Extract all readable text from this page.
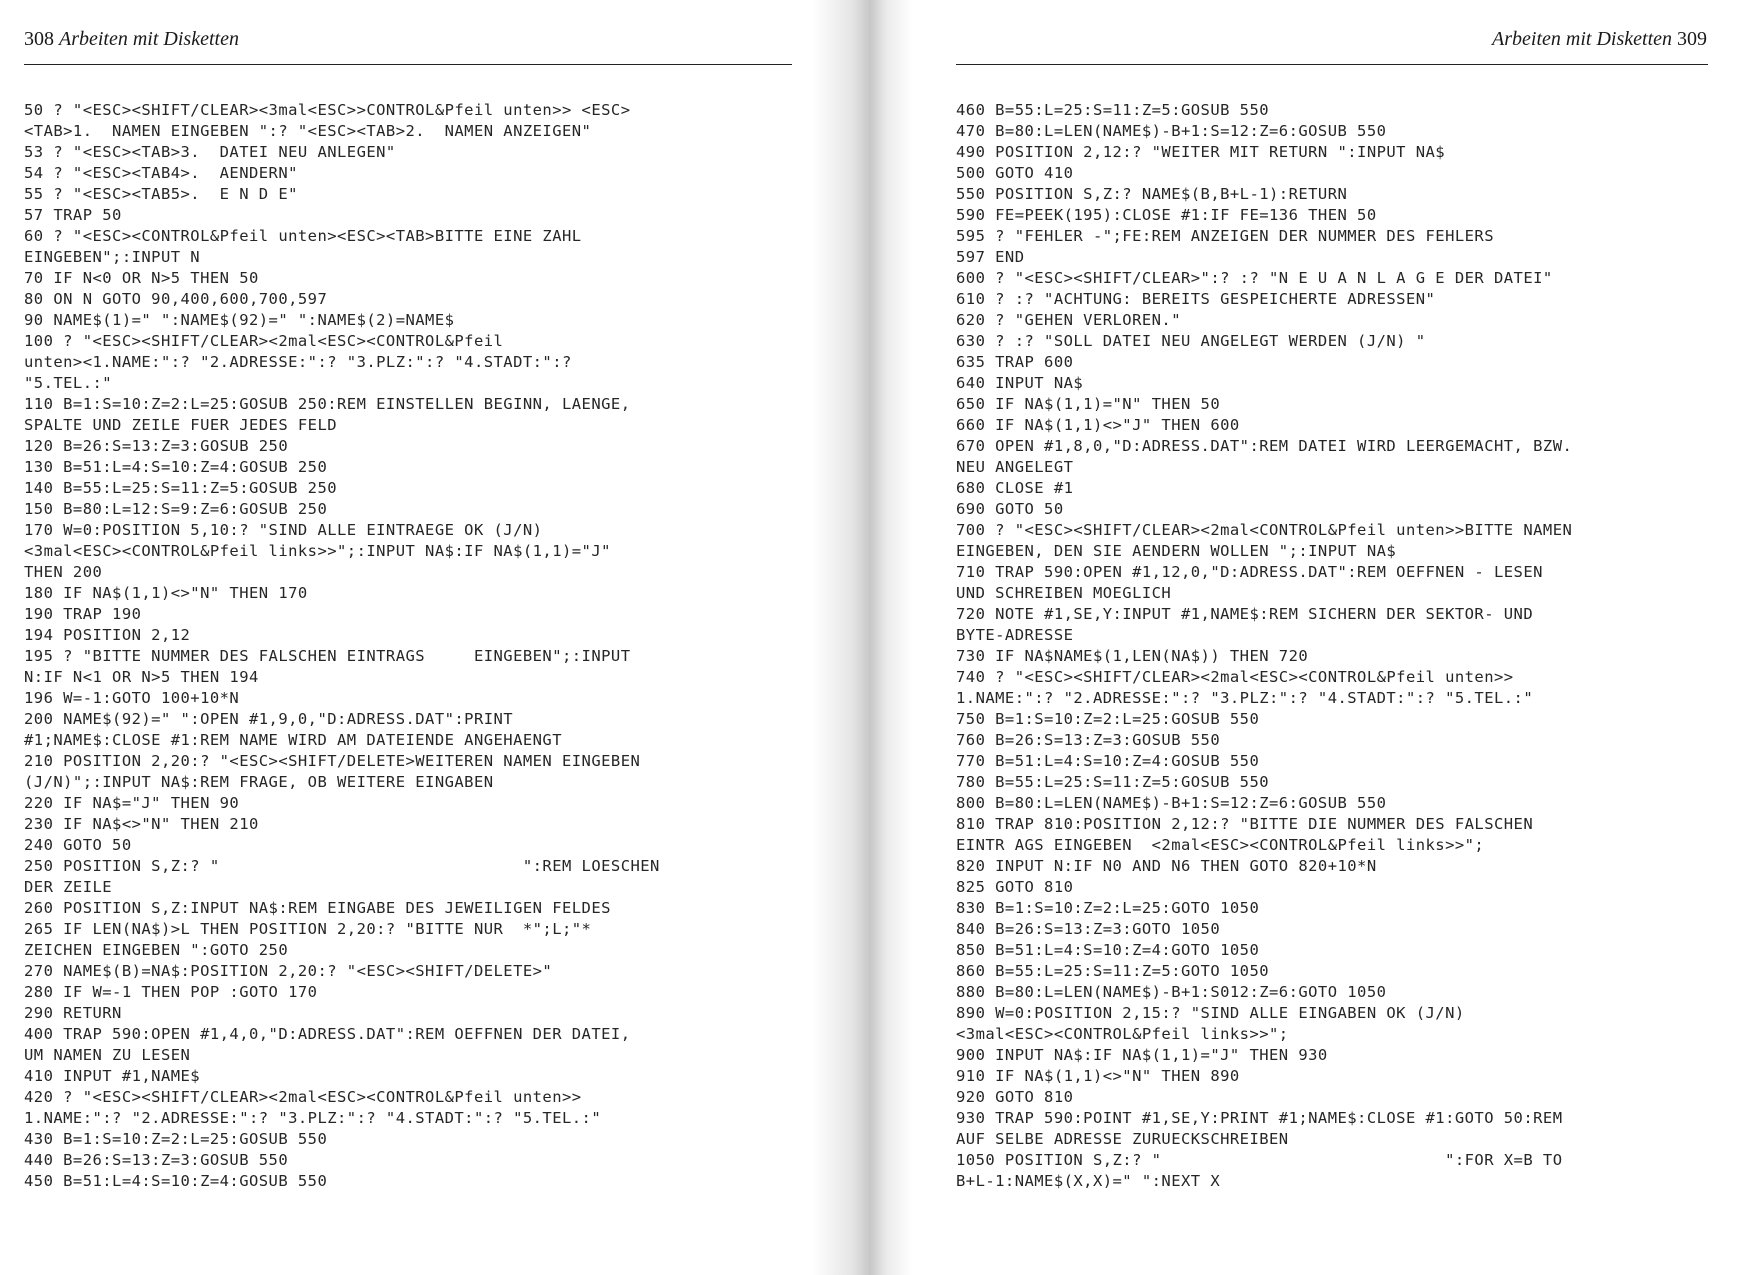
308 Arbeiten mit Disketten
50 ? "<ESC><SHIFT/CLEAR><3mal<ESC>>CONTROL&Pfeil unten>> <ESC>
<TAB>1.  NAMEN EINGEBEN ":? "<ESC><TAB>2.  NAMEN ANZEIGEN"
53 ? "<ESC><TAB>3.  DATEI NEU ANLEGEN"
54 ? "<ESC><TAB4>.  AENDERN"
55 ? "<ESC><TAB5>.  E N D E"
57 TRAP 50
60 ? "<ESC><CONTROL&Pfeil unten><ESC><TAB>BITTE EINE ZAHL
EINGEBEN";:INPUT N
70 IF N<0 OR N>5 THEN 50
80 ON N GOTO 90,400,600,700,597
90 NAME$(1)=" ":NAME$(92)=" ":NAME$(2)=NAME$
100 ? "<ESC><SHIFT/CLEAR><2mal<ESC><CONTROL&Pfeil
unten><1.NAME:":? "2.ADRESSE:":? "3.PLZ:":? "4.STADT:":?
"5.TEL.:"
110 B=1:S=10:Z=2:L=25:GOSUB 250:REM EINSTELLEN BEGINN, LAENGE,
SPALTE UND ZEILE FUER JEDES FELD
120 B=26:S=13:Z=3:GOSUB 250
130 B=51:L=4:S=10:Z=4:GOSUB 250
140 B=55:L=25:S=11:Z=5:GOSUB 250
150 B=80:L=12:S=9:Z=6:GOSUB 250
170 W=0:POSITION 5,10:? "SIND ALLE EINTRAEGE OK (J/N)
<3mal<ESC><CONTROL&Pfeil links>>";:INPUT NA$:IF NA$(1,1)="J"
THEN 200
180 IF NA$(1,1)<>"N" THEN 170
190 TRAP 190
194 POSITION 2,12
195 ? "BITTE NUMMER DES FALSCHEN EINTRAGS     EINGEBEN";:INPUT
N:IF N<1 OR N>5 THEN 194
196 W=-1:GOTO 100+10*N
200 NAME$(92)=" ":OPEN #1,9,0,"D:ADRESS.DAT":PRINT
#1;NAME$:CLOSE #1:REM NAME WIRD AM DATEIENDE ANGEHAENGT
210 POSITION 2,20:? "<ESC><SHIFT/DELETE>WEITEREN NAMEN EINGEBEN
(J/N)";:INPUT NA$:REM FRAGE, OB WEITERE EINGABEN
220 IF NA$="J" THEN 90
230 IF NA$<>"N" THEN 210
240 GOTO 50
250 POSITION S,Z:? "                               ":REM LOESCHEN
DER ZEILE
260 POSITION S,Z:INPUT NA$:REM EINGABE DES JEWEILIGEN FELDES
265 IF LEN(NA$)>L THEN POSITION 2,20:? "BITTE NUR  *";L;"*
ZEICHEN EINGEBEN ":GOTO 250
270 NAME$(B)=NA$:POSITION 2,20:? "<ESC><SHIFT/DELETE>"
280 IF W=-1 THEN POP :GOTO 170
290 RETURN
400 TRAP 590:OPEN #1,4,0,"D:ADRESS.DAT":REM OEFFNEN DER DATEI,
UM NAMEN ZU LESEN
410 INPUT #1,NAME$
420 ? "<ESC><SHIFT/CLEAR><2mal<ESC><CONTROL&Pfeil unten>>
1.NAME:":? "2.ADRESSE:":? "3.PLZ:":? "4.STADT:":? "5.TEL.:"
430 B=1:S=10:Z=2:L=25:GOSUB 550
440 B=26:S=13:Z=3:GOSUB 550
450 B=51:L=4:S=10:Z=4:GOSUB 550
Arbeiten mit Disketten 309
460 B=55:L=25:S=11:Z=5:GOSUB 550
470 B=80:L=LEN(NAME$)-B+1:S=12:Z=6:GOSUB 550
490 POSITION 2,12:? "WEITER MIT RETURN ":INPUT NA$
500 GOTO 410
550 POSITION S,Z:? NAME$(B,B+L-1):RETURN
590 FE=PEEK(195):CLOSE #1:IF FE=136 THEN 50
595 ? "FEHLER -";FE:REM ANZEIGEN DER NUMMER DES FEHLERS
597 END
600 ? "<ESC><SHIFT/CLEAR>":? :? "N E U A N L A G E DER DATEI"
610 ? :? "ACHTUNG: BEREITS GESPEICHERTE ADRESSEN"
620 ? "GEHEN VERLOREN."
630 ? :? "SOLL DATEI NEU ANGELEGT WERDEN (J/N) "
635 TRAP 600
640 INPUT NA$
650 IF NA$(1,1)="N" THEN 50
660 IF NA$(1,1)<>"J" THEN 600
670 OPEN #1,8,0,"D:ADRESS.DAT":REM DATEI WIRD LEERGEMACHT, BZW.
NEU ANGELEGT
680 CLOSE #1
690 GOTO 50
700 ? "<ESC><SHIFT/CLEAR><2mal<CONTROL&Pfeil unten>>BITTE NAMEN
EINGEBEN, DEN SIE AENDERN WOLLEN ";:INPUT NA$
710 TRAP 590:OPEN #1,12,0,"D:ADRESS.DAT":REM OEFFNEN - LESEN
UND SCHREIBEN MOEGLICH
720 NOTE #1,SE,Y:INPUT #1,NAME$:REM SICHERN DER SEKTOR- UND
BYTE-ADRESSE
730 IF NA$NAME$(1,LEN(NA$)) THEN 720
740 ? "<ESC><SHIFT/CLEAR><2mal<ESC><CONTROL&Pfeil unten>>
1.NAME:":? "2.ADRESSE:":? "3.PLZ:":? "4.STADT:":? "5.TEL.:"
750 B=1:S=10:Z=2:L=25:GOSUB 550
760 B=26:S=13:Z=3:GOSUB 550
770 B=51:L=4:S=10:Z=4:GOSUB 550
780 B=55:L=25:S=11:Z=5:GOSUB 550
800 B=80:L=LEN(NAME$)-B+1:S=12:Z=6:GOSUB 550
810 TRAP 810:POSITION 2,12:? "BITTE DIE NUMMER DES FALSCHEN
EINTR AGS EINGEBEN  <2mal<ESC><CONTROL&Pfeil links>>";
820 INPUT N:IF N0 AND N6 THEN GOTO 820+10*N
825 GOTO 810
830 B=1:S=10:Z=2:L=25:GOTO 1050
840 B=26:S=13:Z=3:GOTO 1050
850 B=51:L=4:S=10:Z=4:GOTO 1050
860 B=55:L=25:S=11:Z=5:GOTO 1050
880 B=80:L=LEN(NAME$)-B+1:S012:Z=6:GOTO 1050
890 W=0:POSITION 2,15:? "SIND ALLE EINGABEN OK (J/N)
<3mal<ESC><CONTROL&Pfeil links>>";
900 INPUT NA$:IF NA$(1,1)="J" THEN 930
910 IF NA$(1,1)<>"N" THEN 890
920 GOTO 810
930 TRAP 590:POINT #1,SE,Y:PRINT #1;NAME$:CLOSE #1:GOTO 50:REM
AUF SELBE ADRESSE ZURUECKSCHREIBEN
1050 POSITION S,Z:? "                             ":FOR X=B TO
B+L-1:NAME$(X,X)=" ":NEXT X
